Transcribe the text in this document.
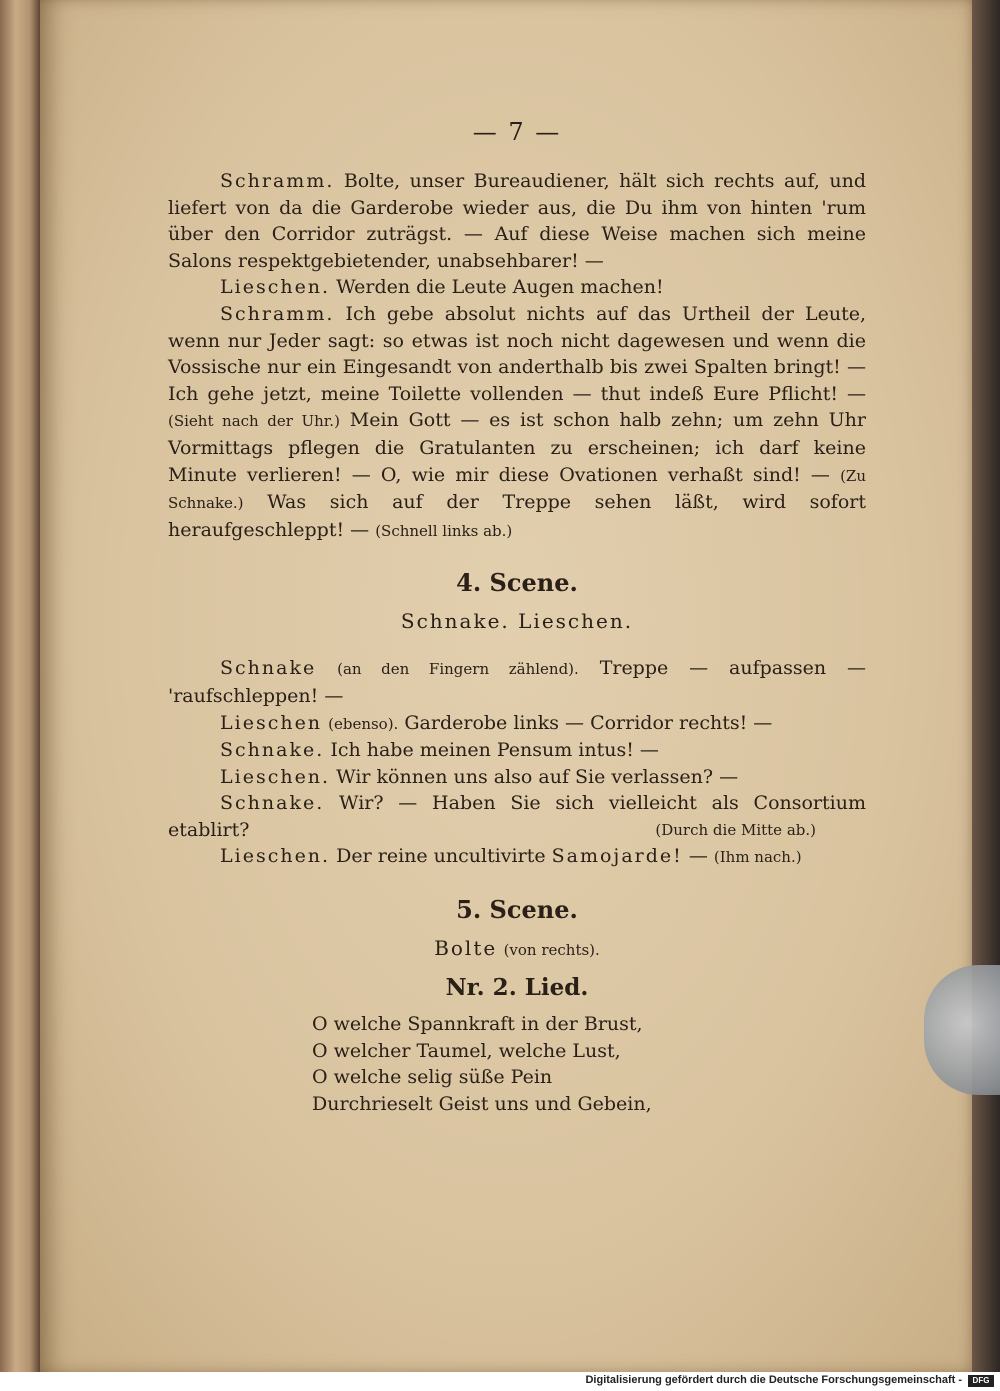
— 7 —

Schramm. Bolte, unser Bureaudiener, hält sich rechts auf, und liefert von da die Garderobe wieder aus, die Du ihm von hinten 'rum über den Corridor zuträgst. — Auf diese Weise machen sich meine Salons respektgebietender, unabsehbarer! —

Lieschen. Werden die Leute Augen machen!

Schramm. Ich gebe absolut nichts auf das Urtheil der Leute, wenn nur Jeder sagt: so etwas ist noch nicht dagewesen und wenn die Vossische nur ein Eingesandt von anderthalb bis zwei Spalten bringt! — Ich gehe jetzt, meine Toilette vollenden — thut indeß Eure Pflicht! — (Sieht nach der Uhr.) Mein Gott — es ist schon halb zehn; um zehn Uhr Vormittags pflegen die Gratulanten zu erscheinen; ich darf keine Minute verlieren! — O, wie mir diese Ovationen verhaßt sind! — (Zu Schnake.) Was sich auf der Treppe sehen läßt, wird sofort heraufgeschleppt! — (Schnell links ab.)

4. Scene.
Schnake. Lieschen.

Schnake (an den Fingern zählend). Treppe — aufpassen — 'raufschleppen! —

Lieschen (ebenso). Garderobe links — Corridor rechts! —

Schnake. Ich habe meinen Pensum intus! —

Lieschen. Wir können uns also auf Sie verlassen? —

Schnake. Wir? — Haben Sie sich vielleicht als Consortium etablirt?	(Durch die Mitte ab.)

Lieschen. Der reine uncultivirte Samojarde! — (Ihm nach.)

5. Scene.
Bolte (von rechts).
Nr. 2. Lied.
O welche Spannkraft in der Brust,
O welcher Taumel, welche Lust,
O welche selig süße Pein
Durchrieselt Geist uns und Gebein,
Digitalisierung gefördert durch die Deutsche Forschungsgemeinschaft -	DFG
